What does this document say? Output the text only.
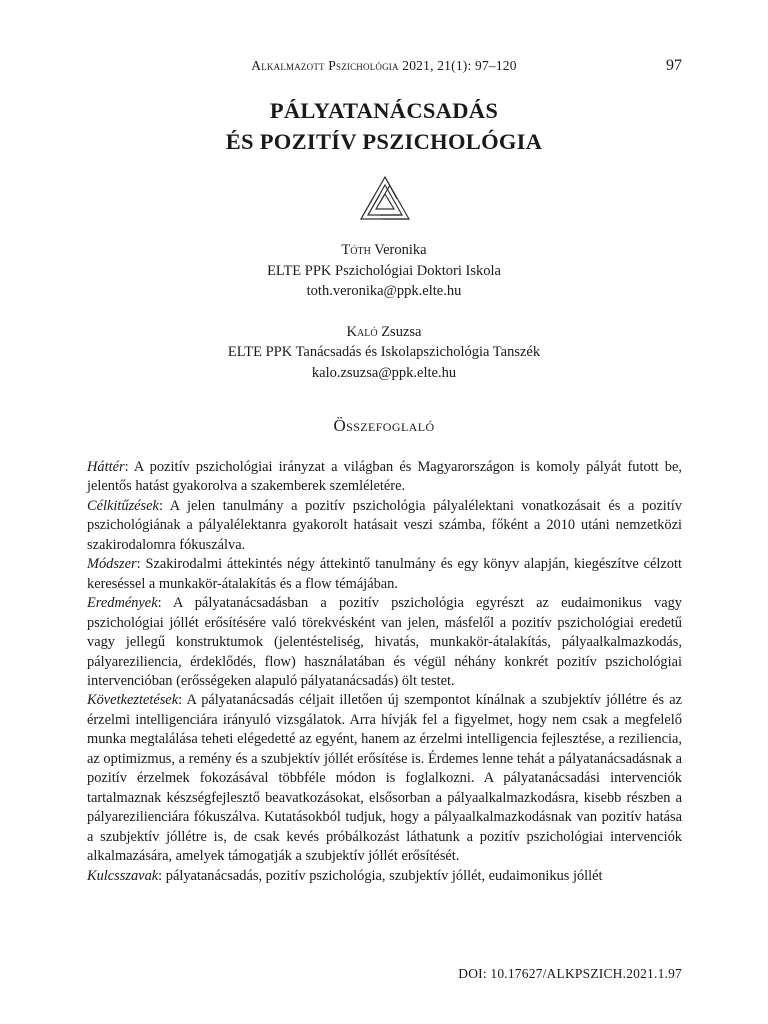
Alkalmazott Pszichológia 2021, 21(1): 97–120	97
PÁLYATANÁCSADÁS
ÉS POZITÍV PSZICHOLÓGIA
Tóth Veronika
ELTE PPK Pszichológiai Doktori Iskola
toth.veronika@ppk.elte.hu
Kaló Zsuzsa
ELTE PPK Tanácsadás és Iskolapszichológia Tanszék
kalo.zsuzsa@ppk.elte.hu
Összefoglaló

Háttér: A pozitív pszichológiai irányzat a világban és Magyarországon is komoly pályát futott be, jelentős hatást gyakorolva a szakemberek szemléletére.

Célkitűzések: A jelen tanulmány a pozitív pszichológia pályalélektani vonatkozásait és a pozitív pszichológiának a pályalélektanra gyakorolt hatásait veszi számba, főként a 2010 utáni nemzetközi szakirodalomra fókuszálva.

Módszer: Szakirodalmi áttekintés négy áttekintő tanulmány és egy könyv alapján, kiegészítve célzott kereséssel a munkakör-átalakítás és a flow témájában.

Eredmények: A pályatanácsadásban a pozitív pszichológia egyrészt az eudaimonikus vagy pszichológiai jóllét erősítésére való törekvésként van jelen, másfelől a pozitív pszichológiai eredetű vagy jellegű konstruktumok (jelentésteliség, hivatás, munkakör-átalakítás, pályaalkalmazkodás, pályareziliencia, érdeklődés, flow) használatában és végül néhány konkrét pozitív pszichológiai intervencióban (erősségeken alapuló pályatanácsadás) ölt testet.

Következtetések: A pályatanácsadás céljait illetően új szempontot kínálnak a szubjektív jóllétre és az érzelmi intelligenciára irányuló vizsgálatok. Arra hívják fel a figyelmet, hogy nem csak a megfelelő munka megtalálása teheti elégedetté az egyént, hanem az érzelmi intelligencia fejlesztése, a reziliencia, az optimizmus, a remény és a szubjektív jóllét erősítése is. Érdemes lenne tehát a pályatanácsadásnak a pozitív érzelmek fokozásával többféle módon is foglalkozni. A pályatanácsadási intervenciók tartalmaznak készségfejlesztő beavatkozásokat, elsősorban a pályaalkalmazkodásra, kisebb részben a pályarezilienciára fókuszálva. Kutatásokból tudjuk, hogy a pályaalkalmazkodásnak van pozitív hatása a szubjektív jóllétre is, de csak kevés próbálkozást láthatunk a pozitív pszichológiai intervenciók alkalmazására, amelyek támogatják a szubjektív jóllét erősítését.

Kulcsszavak: pályatanácsadás, pozitív pszichológia, szubjektív jóllét, eudaimonikus jóllét

DOI: 10.17627/ALKPSZICH.2021.1.97
